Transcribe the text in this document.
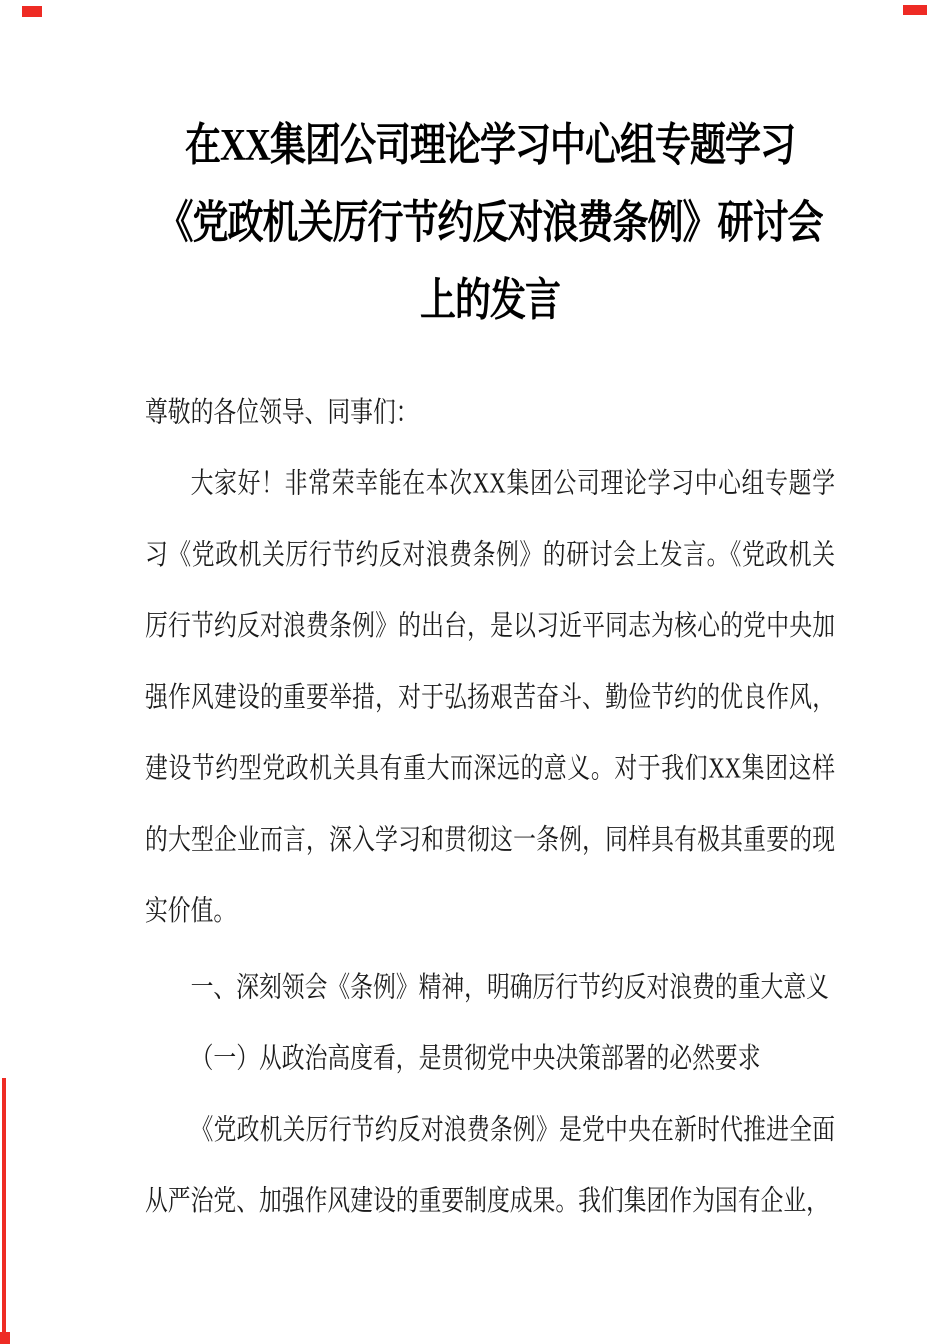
在XX集团公司理论学习中心组专题学习
《党政机关厉行节约反对浪费条例》研讨会
上的发言

尊敬的各位领导、同事们：

大家好！非常荣幸能在本次XX集团公司理论学习中心组专题学习《党政机关厉行节约反对浪费条例》的研讨会上发言。《党政机关厉行节约反对浪费条例》的出台，是以习近平同志为核心的党中央加强作风建设的重要举措，对于弘扬艰苦奋斗、勤俭节约的优良作风，建设节约型党政机关具有重大而深远的意义。对于我们XX集团这样的大型企业而言，深入学习和贯彻这一条例，同样具有极其重要的现实价值。

一、深刻领会《条例》精神，明确厉行节约反对浪费的重大意义

（一）从政治高度看，是贯彻党中央决策部署的必然要求

《党政机关厉行节约反对浪费条例》是党中央在新时代推进全面从严治党、加强作风建设的重要制度成果。我们集团作为国有企业，
